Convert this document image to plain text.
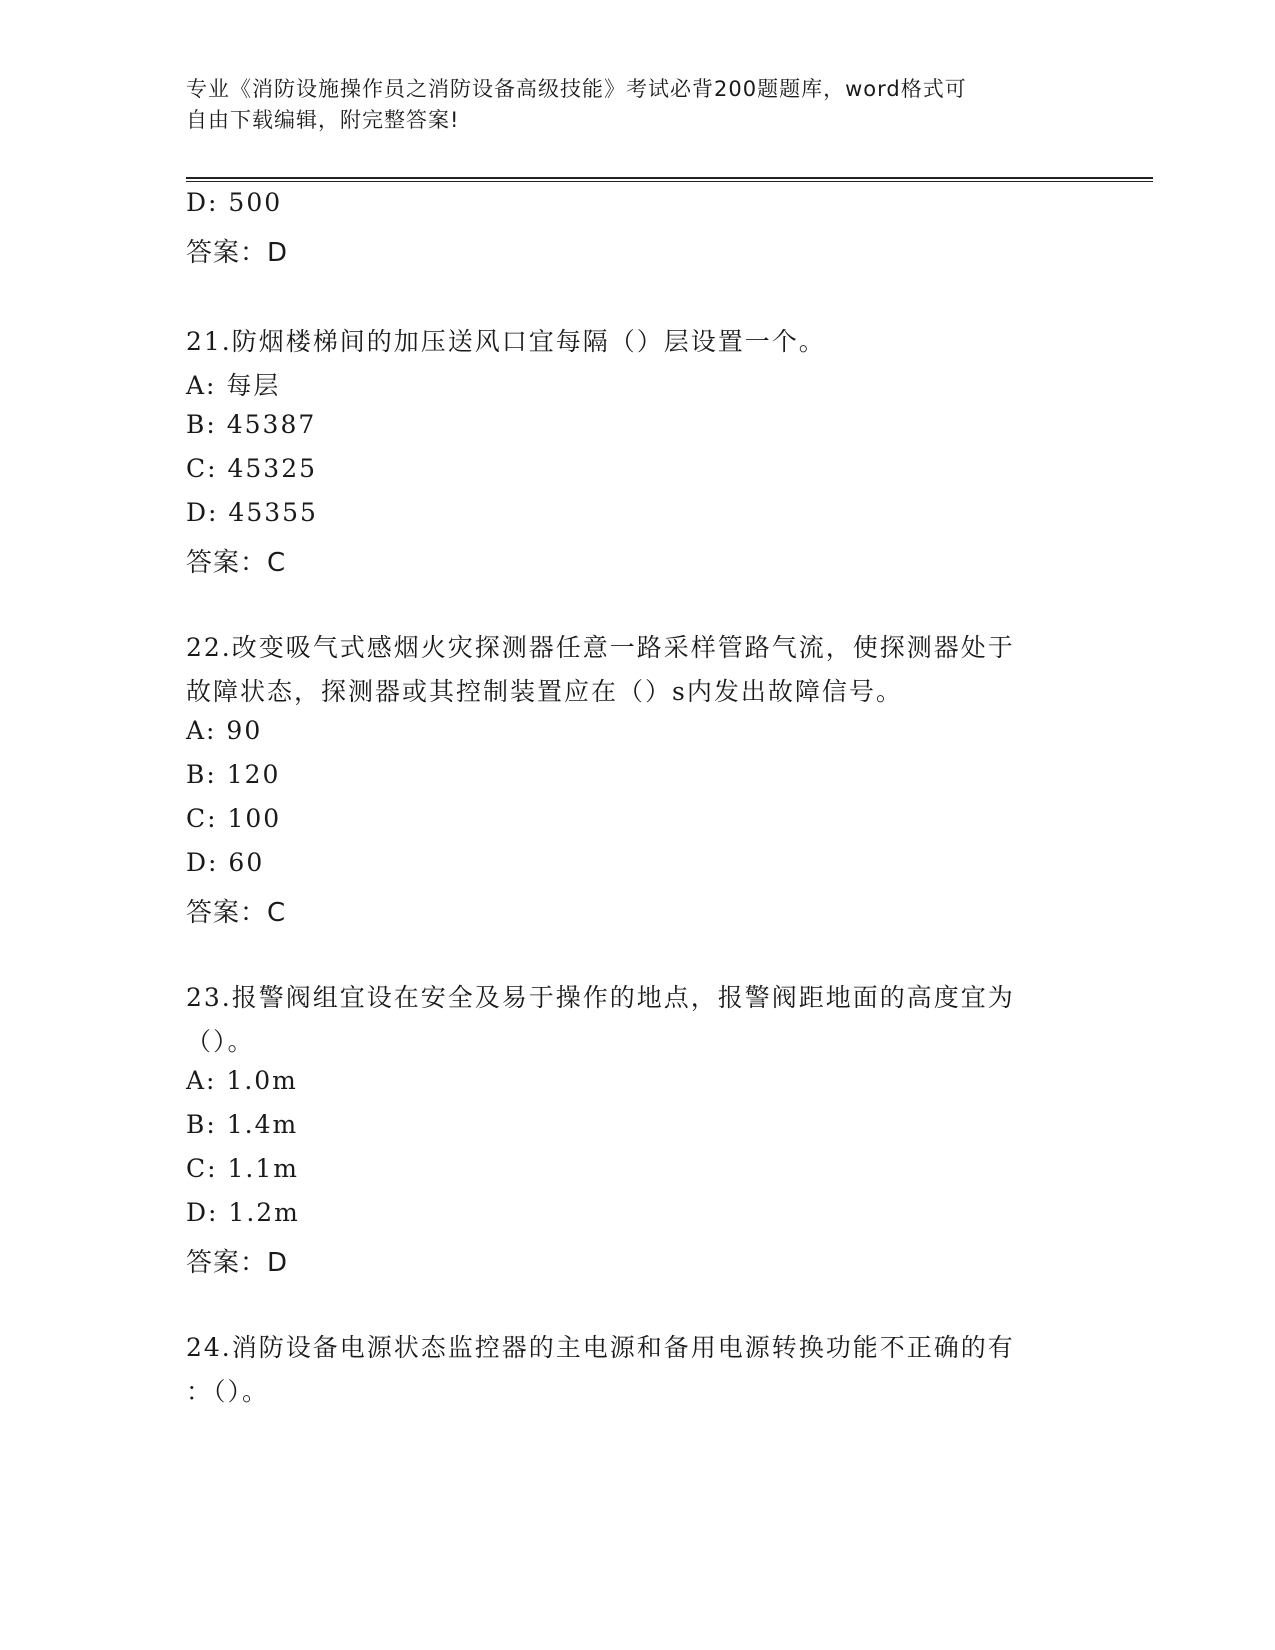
专业《消防设施操作员之消防设备高级技能》考试必背200题题库，word格式可
自由下载编辑，附完整答案!
D: 500
答案：D
21.防烟楼梯间的加压送风口宜每隔（）层设置一个。
A: 每层
B: 45387
C: 45325
D: 45355
答案：C
22.改变吸气式感烟火灾探测器任意一路采样管路气流，使探测器处于
故障状态，探测器或其控制装置应在（）s内发出故障信号。
A: 90
B: 120
C: 100
D: 60
答案：C
23.报警阀组宜设在安全及易于操作的地点，报警阀距地面的高度宜为
（）。
A: 1.0m
B: 1.4m
C: 1.1m
D: 1.2m
答案：D
24.消防设备电源状态监控器的主电源和备用电源转换功能不正确的有
：（）。
